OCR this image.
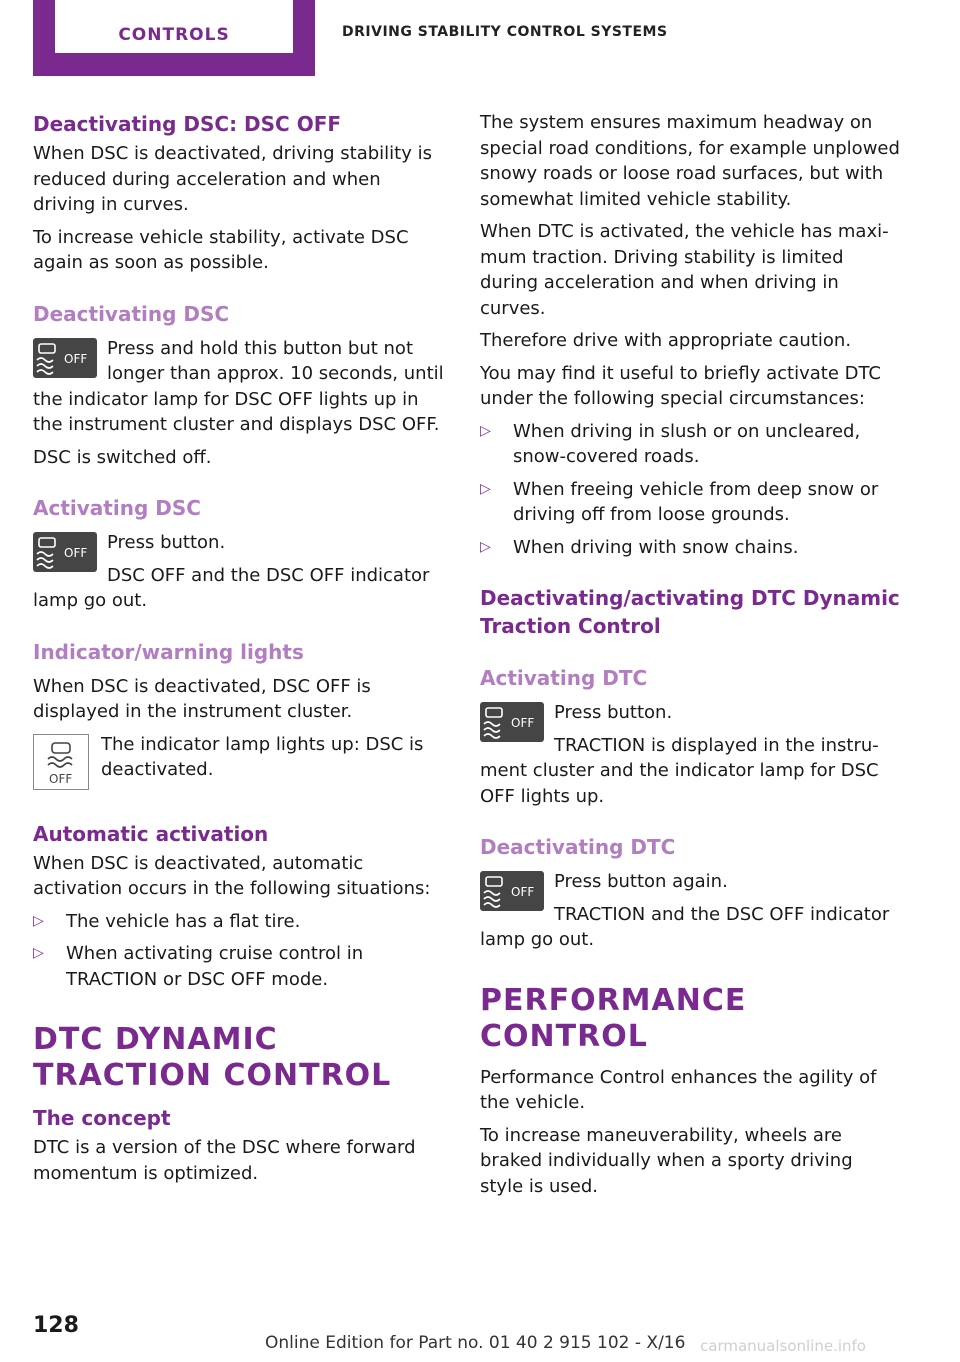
CONTROLS	DRIVING STABILITY CONTROL SYSTEMS
Deactivating DSC: DSC OFF

When DSC is deactivated, driving stability is reduced during acceleration and when driving in curves.

To increase vehicle stability, activate DSC again as soon as possible.

Deactivating DSC
OFF	Press and hold this button but not longer than approx. 10 seconds, until the indicator lamp for DSC OFF lights up in the instrument cluster and displays DSC OFF.

DSC is switched off.

Activating DSC
OFF	Press button.

DSC OFF and the DSC OFF indicator lamp go out.

Indicator/warning lights

When DSC is deactivated, DSC OFF is displayed in the instrument cluster.

OFF

The indicator lamp lights up: DSC is deactivated.

Automatic activation

When DSC is deactivated, automatic activation occurs in the following situations:

▷ The vehicle has a flat tire.
▷ When activating cruise control in TRACTION or DSC OFF mode.
DTC DYNAMIC TRACTION CONTROL
The concept

DTC is a version of the DSC where forward momentum is optimized.

The system ensures maximum headway on special road conditions, for example unplowed snowy roads or loose road surfaces, but with somewhat limited vehicle stability.

When DTC is activated, the vehicle has maximum traction. Driving stability is limited during acceleration and when driving in curves.

Therefore drive with appropriate caution.

You may find it useful to briefly activate DTC under the following special circumstances:

▷ When driving in slush or on uncleared, snow-covered roads.
▷ When freeing vehicle from deep snow or driving off from loose grounds.
▷ When driving with snow chains.
Deactivating/activating DTC Dynamic Traction Control
Activating DTC
OFF	Press button.

TRACTION is displayed in the instrument cluster and the indicator lamp for DSC OFF lights up.

Deactivating DTC
OFF	Press button again.

TRACTION and the DSC OFF indicator lamp go out.

PERFORMANCE CONTROL

Performance Control enhances the agility of the vehicle.

To increase maneuverability, wheels are braked individually when a sporty driving style is used.

128
Online Edition for Part no. 01 40 2 915 102 - X/16 carmanualsonline.info
